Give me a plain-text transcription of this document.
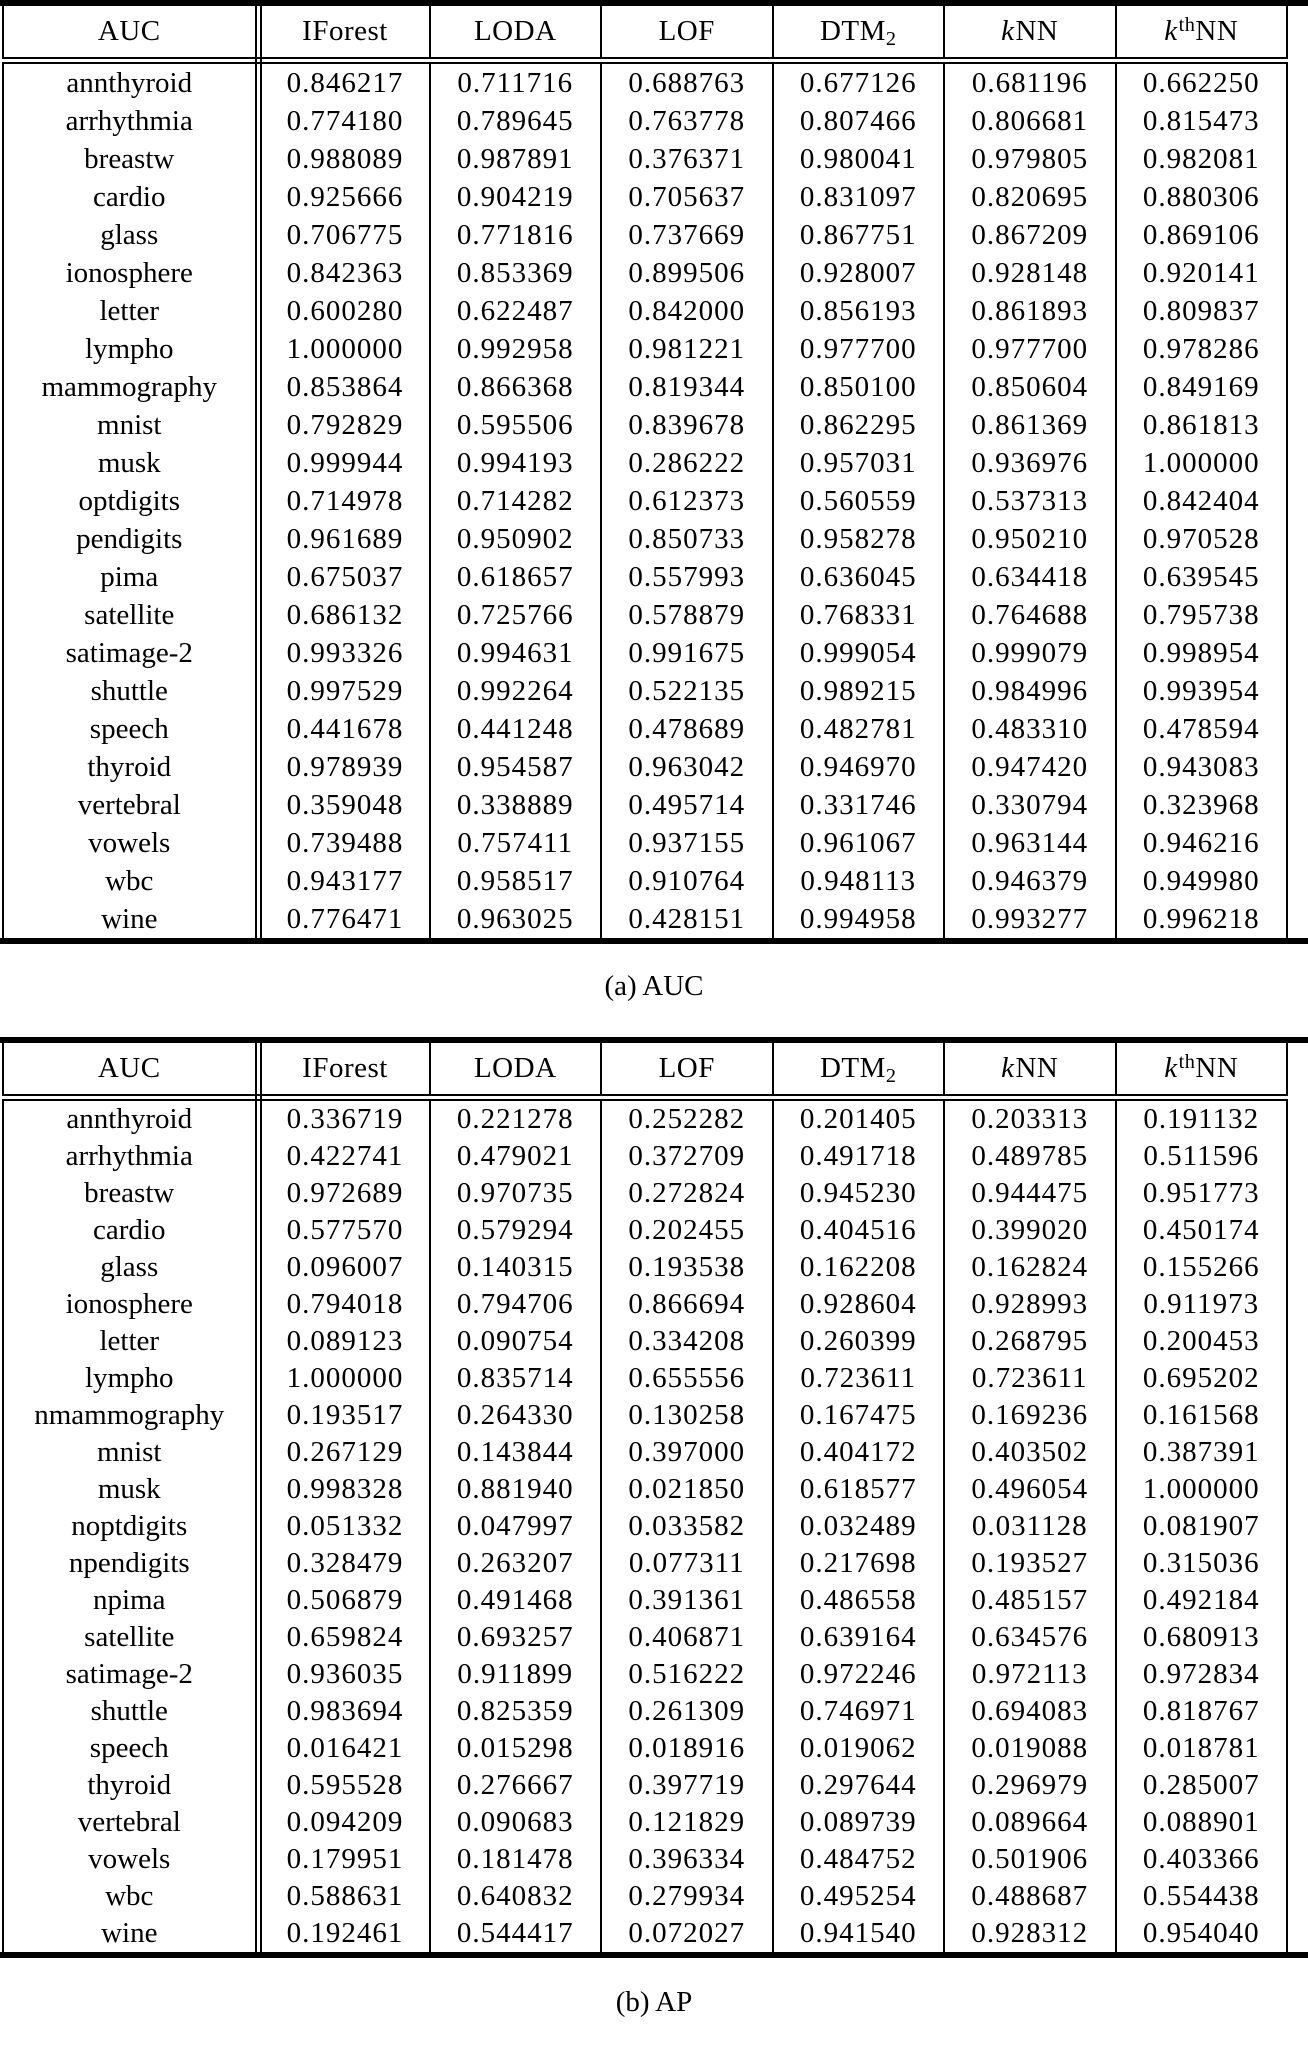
AUC	IForest	LODA	LOF	$DTM_2$	kNN	$k^{th}NN$
annthyroid	0.846217	0.711716	0.688763	0.677126	0.681196	0.662250
arrhythmia	0.774180	0.789645	0.763778	0.807466	0.806681	0.815473
breastw	0.988089	0.987891	0.376371	0.980041	0.979805	0.982081
cardio	0.925666	0.904219	0.705637	0.831097	0.820695	0.880306
glass	0.706775	0.771816	0.737669	0.867751	0.867209	0.869106
ionosphere	0.842363	0.853369	0.899506	0.928007	0.928148	0.920141
letter	0.600280	0.622487	0.842000	0.856193	0.861893	0.809837
lympho	1.000000	0.992958	0.981221	0.977700	0.977700	0.978286
mammography	0.853864	0.866368	0.819344	0.850100	0.850604	0.849169
mnist	0.792829	0.595506	0.839678	0.862295	0.861369	0.861813
musk	0.999944	0.994193	0.286222	0.957031	0.936976	1.000000
optdigits	0.714978	0.714282	0.612373	0.560559	0.537313	0.842404
pendigits	0.961689	0.950902	0.850733	0.958278	0.950210	0.970528
pima	0.675037	0.618657	0.557993	0.636045	0.634418	0.639545
satellite	0.686132	0.725766	0.578879	0.768331	0.764688	0.795738
satimage-2	0.993326	0.994631	0.991675	0.999054	0.999079	0.998954
shuttle	0.997529	0.992264	0.522135	0.989215	0.984996	0.993954
speech	0.441678	0.441248	0.478689	0.482781	0.483310	0.478594
thyroid	0.978939	0.954587	0.963042	0.946970	0.947420	0.943083
vertebral	0.359048	0.338889	0.495714	0.331746	0.330794	0.323968
vowels	0.739488	0.757411	0.937155	0.961067	0.963144	0.946216
wbc	0.943177	0.958517	0.910764	0.948113	0.946379	0.949980
wine	0.776471	0.963025	0.428151	0.994958	0.993277	0.996218
(a) AUC
AUC	IForest	LODA	LOF	$DTM_2$	kNN	$k^{th}NN$
annthyroid	0.336719	0.221278	0.252282	0.201405	0.203313	0.191132
arrhythmia	0.422741	0.479021	0.372709	0.491718	0.489785	0.511596
breastw	0.972689	0.970735	0.272824	0.945230	0.944475	0.951773
cardio	0.577570	0.579294	0.202455	0.404516	0.399020	0.450174
glass	0.096007	0.140315	0.193538	0.162208	0.162824	0.155266
ionosphere	0.794018	0.794706	0.866694	0.928604	0.928993	0.911973
letter	0.089123	0.090754	0.334208	0.260399	0.268795	0.200453
lympho	1.000000	0.835714	0.655556	0.723611	0.723611	0.695202
nmammography	0.193517	0.264330	0.130258	0.167475	0.169236	0.161568
mnist	0.267129	0.143844	0.397000	0.404172	0.403502	0.387391
musk	0.998328	0.881940	0.021850	0.618577	0.496054	1.000000
noptdigits	0.051332	0.047997	0.033582	0.032489	0.031128	0.081907
npendigits	0.328479	0.263207	0.077311	0.217698	0.193527	0.315036
npima	0.506879	0.491468	0.391361	0.486558	0.485157	0.492184
satellite	0.659824	0.693257	0.406871	0.639164	0.634576	0.680913
satimage-2	0.936035	0.911899	0.516222	0.972246	0.972113	0.972834
shuttle	0.983694	0.825359	0.261309	0.746971	0.694083	0.818767
speech	0.016421	0.015298	0.018916	0.019062	0.019088	0.018781
thyroid	0.595528	0.276667	0.397719	0.297644	0.296979	0.285007
vertebral	0.094209	0.090683	0.121829	0.089739	0.089664	0.088901
vowels	0.179951	0.181478	0.396334	0.484752	0.501906	0.403366
wbc	0.588631	0.640832	0.279934	0.495254	0.488687	0.554438
wine	0.192461	0.544417	0.072027	0.941540	0.928312	0.954040
(b) AP
